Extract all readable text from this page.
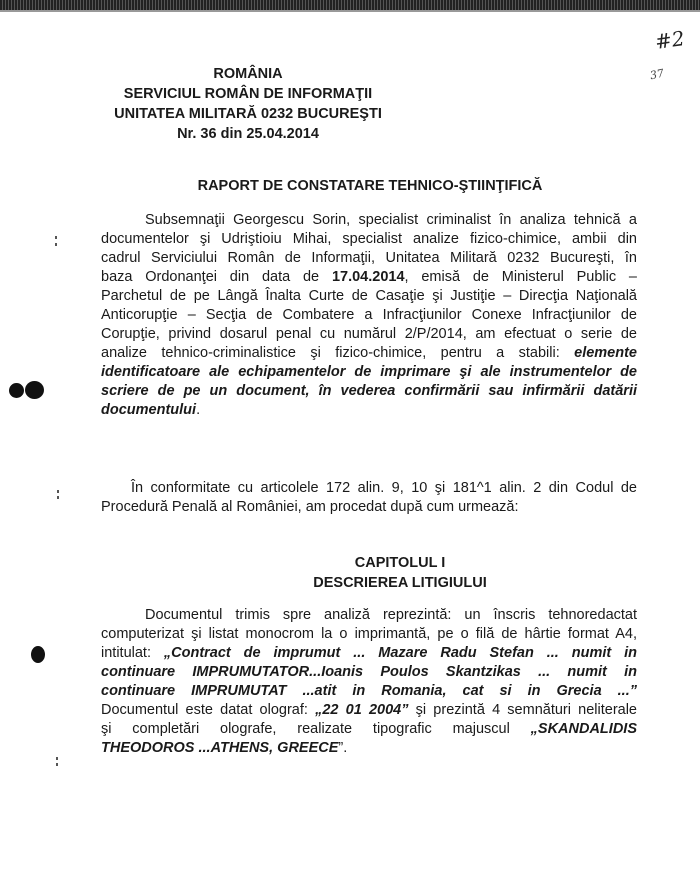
#2
37
ROMÂNIA
SERVICIUL ROMÂN DE INFORMAŢII
UNITATEA MILITARĂ 0232 BUCUREŞTI
Nr. 36 din 25.04.2014
RAPORT DE CONSTATARE TEHNICO-ŞTIINŢIFICĂ
Subsemnaţii Georgescu Sorin, specialist criminalist în analiza tehnică a
documentelor şi Udriştioiu Mihai, specialist analize fizico-chimice, ambii din
cadrul Serviciului Român de Informaţii, Unitatea Militară 0232 Bucureşti, în
baza Ordonanţei din data de 17.04.2014, emisă de Ministerul Public –
Parchetul de pe Lângă Înalta Curte de Casaţie şi Justiţie – Direcţia Naţională
Anticorupţie – Secţia de Combatere a Infracţiunilor Conexe Infracţiunilor de
Corupţie, privind dosarul penal cu numărul 2/P/2014, am efectuat o serie de
analize tehnico-criminalistice şi fizico-chimice, pentru a stabili: elemente
identificatoare ale echipamentelor de imprimare şi ale instrumentelor de
scriere de pe un document, în vederea confirmării sau infirmării datării
documentului.
În conformitate cu articolele 172 alin. 9, 10 şi 181^1 alin. 2 din Codul de
Procedură Penală al României, am procedat după cum urmează:
CAPITOLUL I
DESCRIEREA LITIGIULUI
Documentul trimis spre analiză reprezintă: un înscris tehnoredactat
computerizat şi listat monocrom la o imprimantă, pe o filă de hârtie format A4,
intitulat: „Contract de imprumut ... Mazare Radu Stefan ... numit in
continuare IMPRUMUTATOR...Ioanis Poulos Skantzikas ... numit in
continuare IMPRUMUTAT ...atit in Romania, cat si in Grecia ...”
Documentul este datat olograf: „22 01 2004” şi prezintă 4 semnături neliterale
şi completări olografe, realizate tipografic majuscul „SKANDALIDIS
THEODOROS ...ATHENS, GREECE”.
